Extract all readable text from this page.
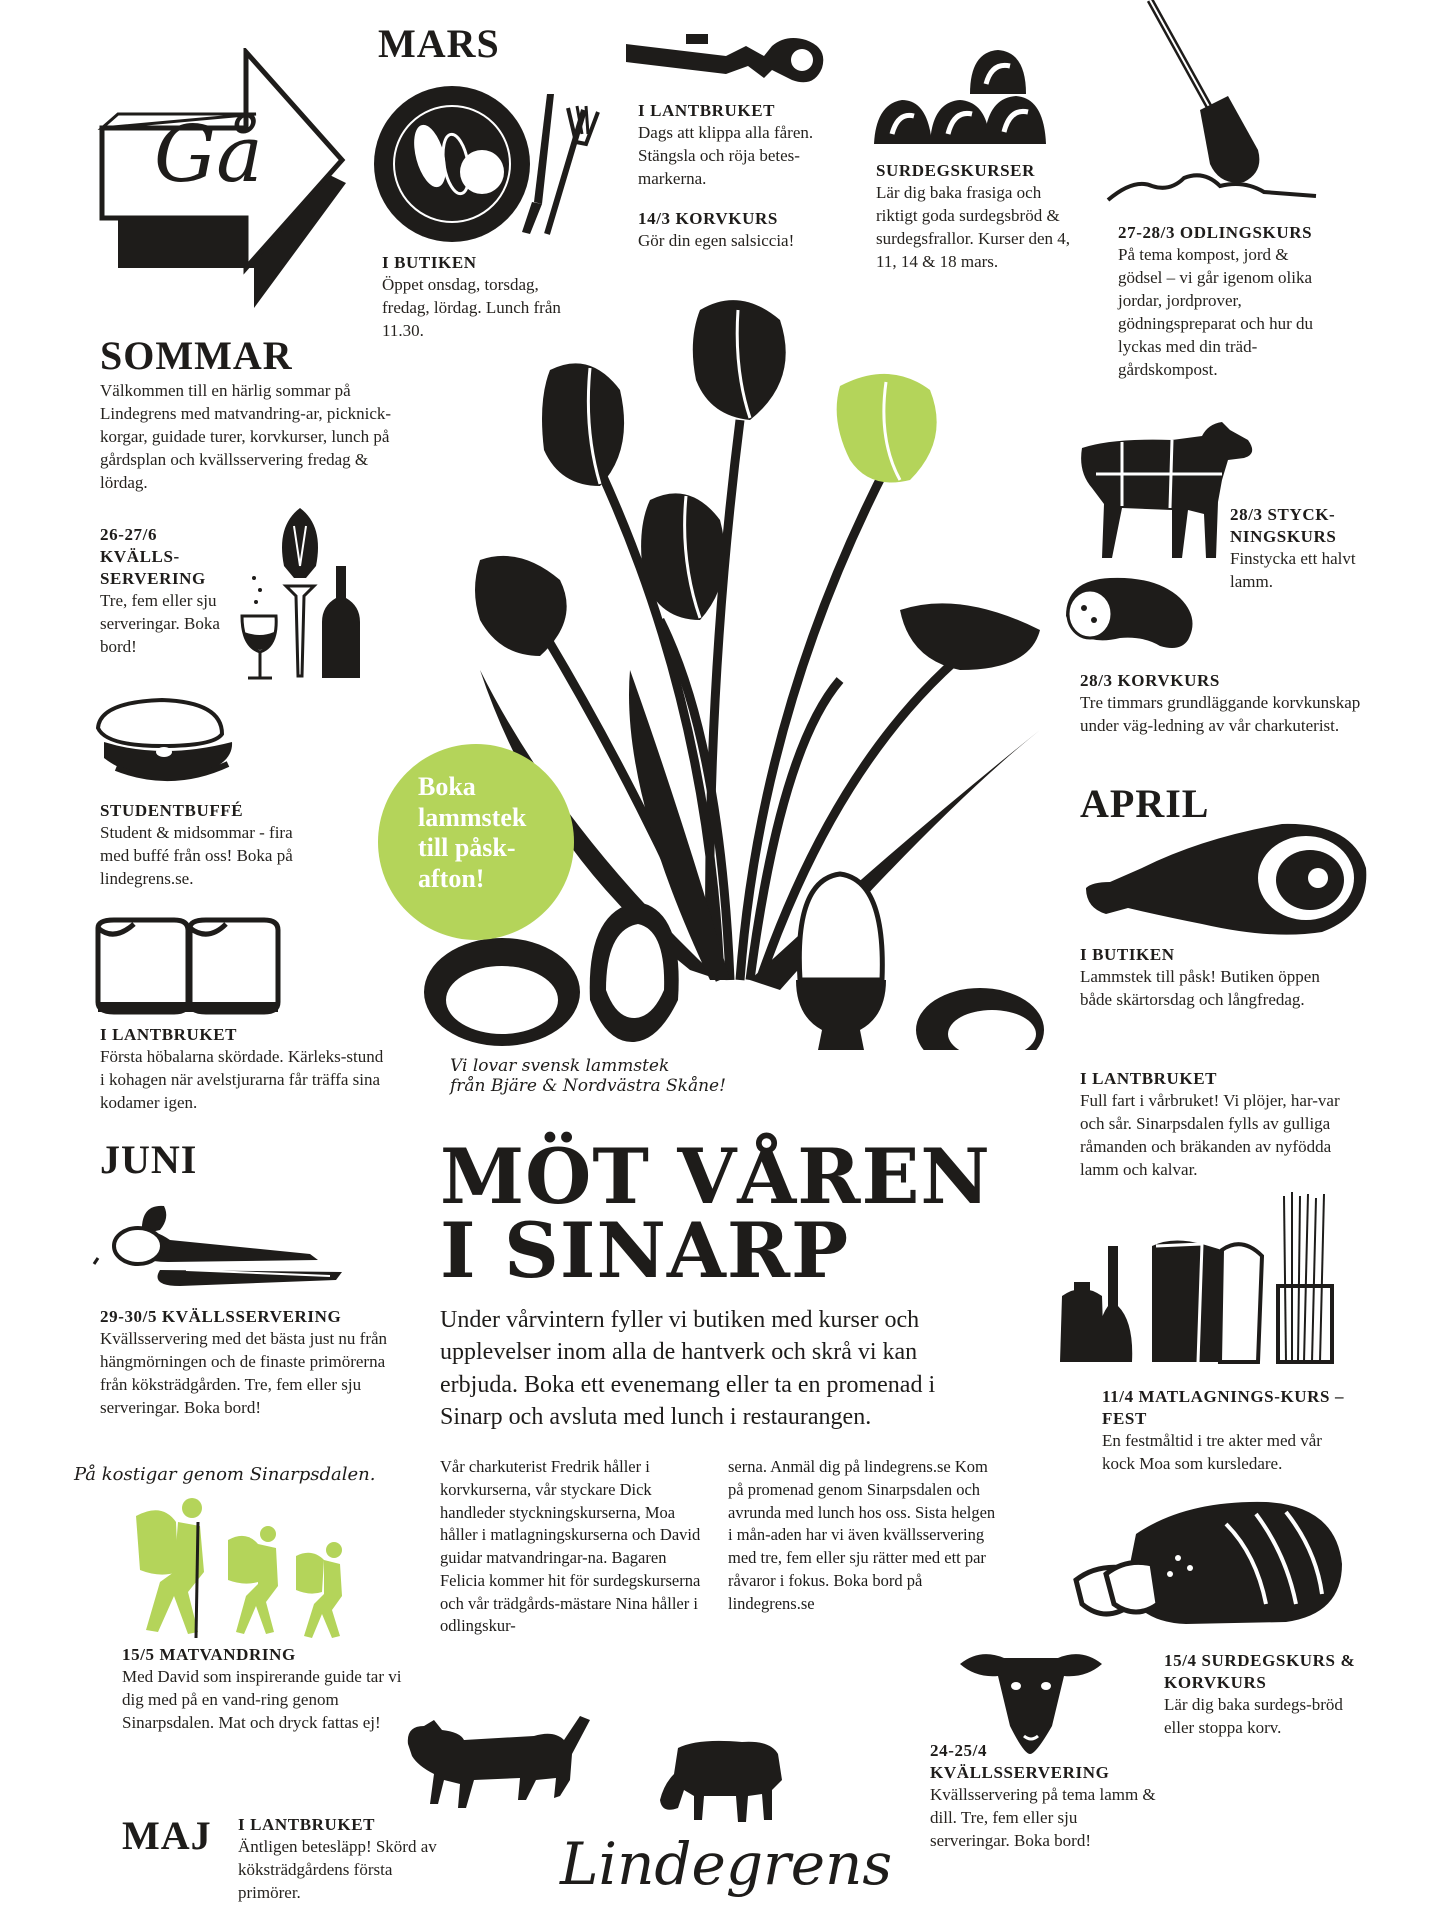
Gå
MARS

I BUTIKEN

Öppet onsdag, torsdag, fredag, lördag. Lunch från 11.30.

I LANTBRUKET

Dags att klippa alla fåren. Stängsla och röja betes-markerna.

14/3 KORVKURS

Gör din egen salsiccia!

SURDEGSKURSER

Lär dig baka frasiga och riktigt goda surdegsbröd & surdegsfrallor. Kurser den 4, 11, 14 & 18 mars.

27-28/3 ODLINGSKURS

På tema kompost, jord & gödsel – vi går igenom olika jordar, jordprover, gödningspreparat och hur du lyckas med din träd-gårdskompost.

SOMMAR

Välkommen till en härlig sommar på Lindegrens med matvandring-ar, picknick-korgar, guidade turer, korvkurser, lunch på gårdsplan och kvällsservering fredag & lördag.

26-27/6 KVÄLLS-SERVERING

Tre, fem eller sju serveringar. Boka bord!

STUDENTBUFFÉ

Student & midsommar - fira med buffé från oss! Boka på lindegrens.se.

I LANTBRUKET

Första höbalarna skördade. Kärleks-stund i kohagen när avelstjurarna får träffa sina kodamer igen.

JUNI

29-30/5 KVÄLLSSERVERING

Kvällsservering med det bästa just nu från hängmörningen och de finaste primörerna från köksträdgården. Tre, fem eller sju serveringar. Boka bord!

På kostigar genom Sinarpsdalen.

15/5 MATVANDRING

Med David som inspirerande guide tar vi dig med på en vand-ring genom Sinarpsdalen. Mat och dryck fattas ej!

MAJ I LANTBRUKET

Äntligen betesläpp! Skörd av köksträdgårdens första primörer.	Lindegrens
MÖT VÅREN
I SINARP
Under vårvintern fyller vi butiken med kurser och upplevelser inom alla de hantverk och skrå vi kan erbjuda. Boka ett evenemang eller ta en promenad i Sinarp och avsluta med lunch i restaurangen.
Vår charkuterist Fredrik håller i korvkurserna, vår styckare Dick handleder styckningskurserna, Moa håller i matlagningskurserna och David guidar matvandringar-na. Bagaren Felicia kommer hit för surdegskurserna och vår trädgårds-mästare Nina håller i odlingskur-
serna. Anmäl dig på lindegrens.se Kom på promenad genom Sinarpsdalen och avrunda med lunch hos oss. Sista helgen i mån-aden har vi även kvällsservering med tre, fem eller sju rätter med ett par råvaror i fokus. Boka bord på lindegrens.se
Boka lammstek till påsk-afton!
Vi lovar svensk lammstek
från Bjäre & Nordvästra Skåne!

28/3 STYCK-NINGSKURS

Finstycka ett halvt lamm.

28/3 KORVKURS

Tre timmars grundläggande korvkunskap under väg-ledning av vår charkuterist.

APRIL

I BUTIKEN

Lammstek till påsk! Butiken öppen både skärtorsdag och långfredag.

I LANTBRUKET

Full fart i vårbruket! Vi plöjer, har-var och sår. Sinarpsdalen fylls av gulliga råmanden och bräkanden av nyfödda lamm och kalvar.

11/4 MATLAGNINGS-KURS – FEST

En festmåltid i tre akter med vår kock Moa som kursledare.

15/4 SURDEGSKURS & KORVKURS

Lär dig baka surdegs-bröd eller stoppa korv.

24-25/4 KVÄLLSSERVERING

Kvällsservering på tema lamm & dill. Tre, fem eller sju serveringar. Boka bord!
